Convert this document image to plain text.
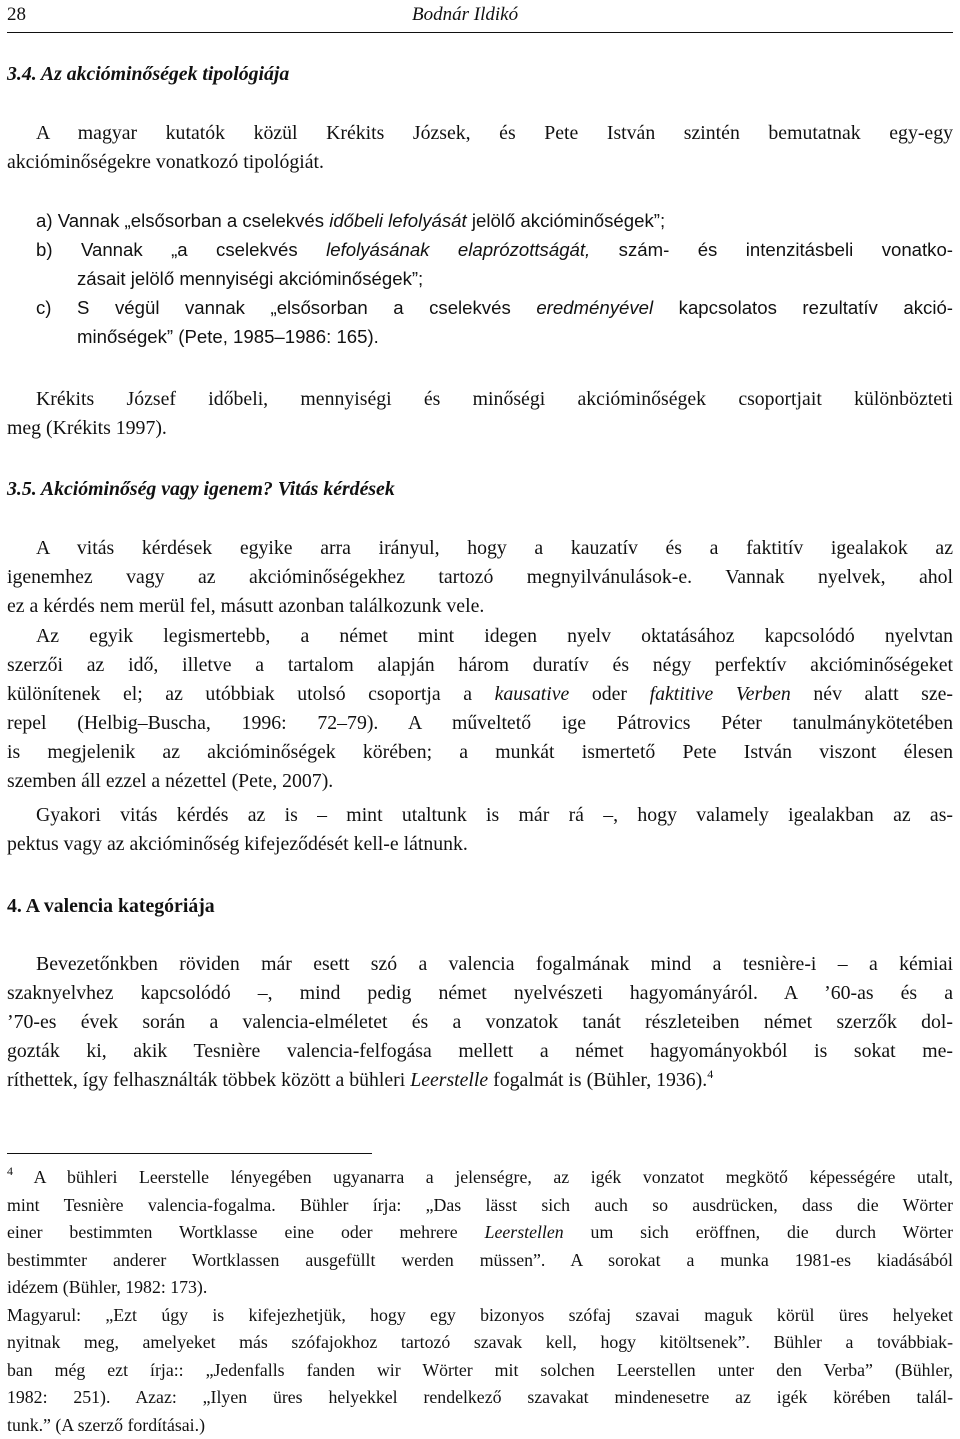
28	Bodnár Ildikó
3.4. Az akcióminőségek tipológiája
A magyar kutatók közül Krékits Józsek, és Pete István szintén bemutatnak egy-egy
akcióminőségekre vonatkozó tipológiát.
a) Vannak „elsősorban a cselekvés időbeli lefolyását jelölő akcióminőségek”;
b) Vannak „a cselekvés lefolyásának elaprózottságát, szám- és intenzitásbeli vonatko-
zásait jelölő mennyiségi akcióminőségek”;
c) S végül vannak „elsősorban a cselekvés eredményével kapcsolatos rezultatív akció-
minőségek” (Pete, 1985–1986: 165).
Krékits József időbeli, mennyiségi és minőségi akcióminőségek csoportjait különbözteti
meg (Krékits 1997).
3.5. Akcióminőség vagy igenem? Vitás kérdések
A vitás kérdések egyike arra irányul, hogy a kauzatív és a faktitív igealakok az
igenemhez vagy az akcióminőségekhez tartozó megnyilvánulások-e. Vannak nyelvek, ahol
ez a kérdés nem merül fel, másutt azonban találkozunk vele.
Az egyik legismertebb, a német mint idegen nyelv oktatásához kapcsolódó nyelvtan
szerzői az idő, illetve a tartalom alapján három duratív és négy perfektív akcióminőségeket
különítenek el; az utóbbiak utolsó csoportja a kausative oder faktitive Verben név alatt sze-
repel (Helbig–Buscha, 1996: 72–79). A műveltető ige Pátrovics Péter tanulmánykötetében
is megjelenik az akcióminőségek körében; a munkát ismertető Pete István viszont élesen
szemben áll ezzel a nézettel (Pete, 2007).
Gyakori vitás kérdés az is – mint utaltunk is már rá –, hogy valamely igealakban az as-
pektus vagy az akcióminőség kifejeződését kell-e látnunk.
4. A valencia kategóriája
Bevezetőnkben röviden már esett szó a valencia fogalmának mind a tesnière-i – a kémiai
szaknyelvhez kapcsolódó –, mind pedig német nyelvészeti hagyományáról. A ’60-as és a
’70-es évek során a valencia-elméletet és a vonzatok tanát részleteiben német szerzők dol-
gozták ki, akik Tesnière valencia-felfogása mellett a német hagyományokból is sokat me-
ríthettek, így felhasználták többek között a bühleri Leerstelle fogalmát is (Bühler, 1936).$^4$
$^4$ A bühleri Leerstelle lényegében ugyanarra a jelenségre, az igék vonzatot megkötő képességére utalt,
mint Tesnière valencia-fogalma. Bühler írja: „Das lässt sich auch so ausdrücken, dass die Wörter
einer bestimmten Wortklasse eine oder mehrere Leerstellen um sich eröffnen, die durch Wörter
bestimmter anderer Wortklassen ausgefüllt werden müssen”. A sorokat a munka 1981-es kiadásából
idézem (Bühler, 1982: 173).
Magyarul: „Ezt úgy is kifejezhetjük, hogy egy bizonyos szófaj szavai maguk körül üres helyeket
nyitnak meg, amelyeket más szófajokhoz tartozó szavak kell, hogy kitöltsenek”. Bühler a továbbiak-
ban még ezt írja:: „Jedenfalls fanden wir Wörter mit solchen Leerstellen unter den Verba” (Bühler,
1982: 251). Azaz: „Ilyen üres helyekkel rendelkező szavakat mindenesetre az igék körében talál-
tunk.” (A szerző fordításai.)
